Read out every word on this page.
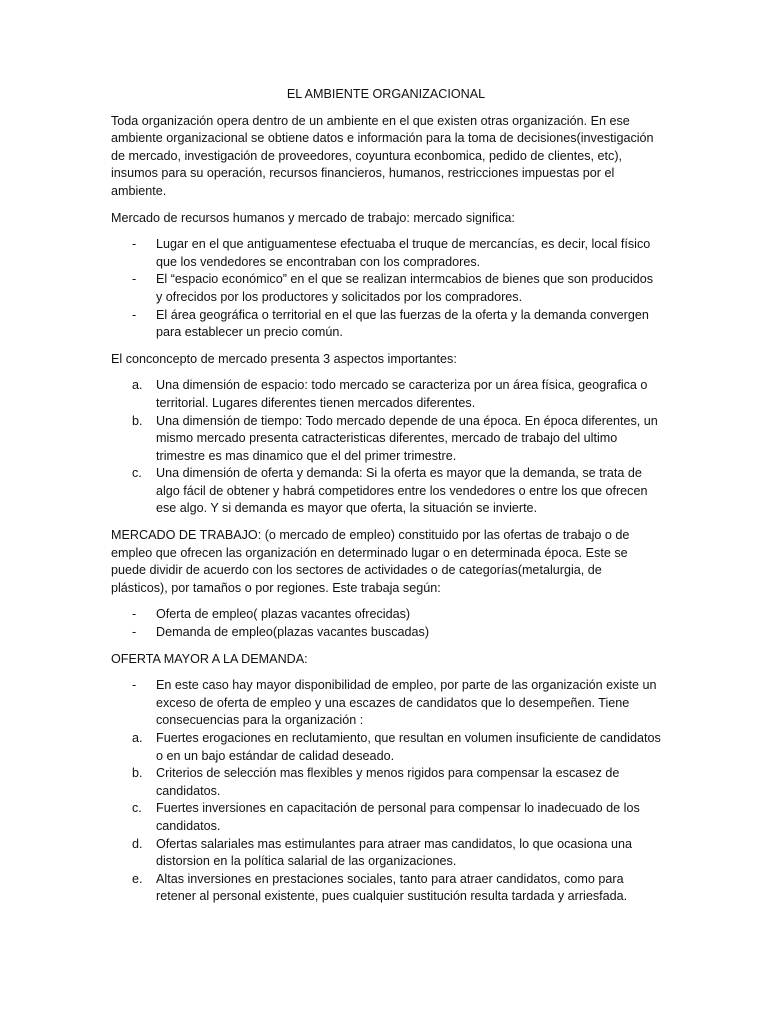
EL AMBIENTE ORGANIZACIONAL

Toda organización opera dentro de un ambiente en el que existen otras organización. En ese ambiente organizacional se obtiene datos e información para la toma de decisiones(investigación de mercado, investigación de proveedores, coyuntura econbomica, pedido de clientes, etc), insumos para su operación, recursos financieros, humanos, restricciones impuestas por el ambiente.

Mercado de recursos humanos y mercado de trabajo: mercado significa:

- Lugar en el que antiguamentese efectuaba el truque de mercancías, es decir, local físico que los vendedores se encontraban con los compradores.
- El “espacio económico” en el que se realizan intermcabios de bienes que son producidos y ofrecidos por los productores y solicitados por los compradores.
- El área geográfica o territorial en el que las fuerzas de la oferta y la demanda convergen para establecer un precio común.

El conconcepto de mercado presenta 3 aspectos importantes:

a. Una dimensión de espacio: todo mercado se caracteriza por un área física, geografica o territorial. Lugares diferentes tienen mercados diferentes.
b. Una dimensión de tiempo: Todo mercado depende de una época. En época diferentes, un mismo mercado presenta catracteristicas diferentes, mercado de trabajo del ultimo trimestre es mas dinamico que el del primer trimestre.
c. Una dimensión de oferta y demanda: Si la oferta es mayor que la demanda, se trata de algo fácil de obtener y habrá competidores entre los vendedores o entre los que ofrecen ese algo. Y si demanda es mayor que oferta, la situación se invierte.

MERCADO DE TRABAJO: (o mercado de empleo) constituido por las ofertas de trabajo o de empleo que ofrecen las organización en determinado lugar o en determinada época. Este se puede dividir de acuerdo con los sectores de actividades o de categorías(metalurgia, de plásticos), por tamaños o por regiones. Este trabaja según:

- Oferta de empleo( plazas vacantes ofrecidas)
- Demanda de empleo(plazas vacantes buscadas)

OFERTA MAYOR A LA DEMANDA:

- En este caso hay mayor disponibilidad de empleo, por parte de las organización existe un exceso de oferta de empleo y una escazes de candidatos que lo desempeñen. Tiene consecuencias para la organización :
a. Fuertes erogaciones en reclutamiento, que resultan en volumen insuficiente de candidatos o en un bajo estándar de calidad deseado.
b. Criterios de selección mas flexibles y menos rigidos para compensar la escasez de candidatos.
c. Fuertes inversiones en capacitación de personal para compensar lo inadecuado de los candidatos.
d. Ofertas salariales mas estimulantes para atraer mas candidatos, lo que ocasiona una distorsion en la política salarial de las organizaciones.
e. Altas inversiones en prestaciones sociales, tanto para atraer candidatos, como para retener al personal existente, pues cualquier sustitución resulta tardada y arriesfada.
